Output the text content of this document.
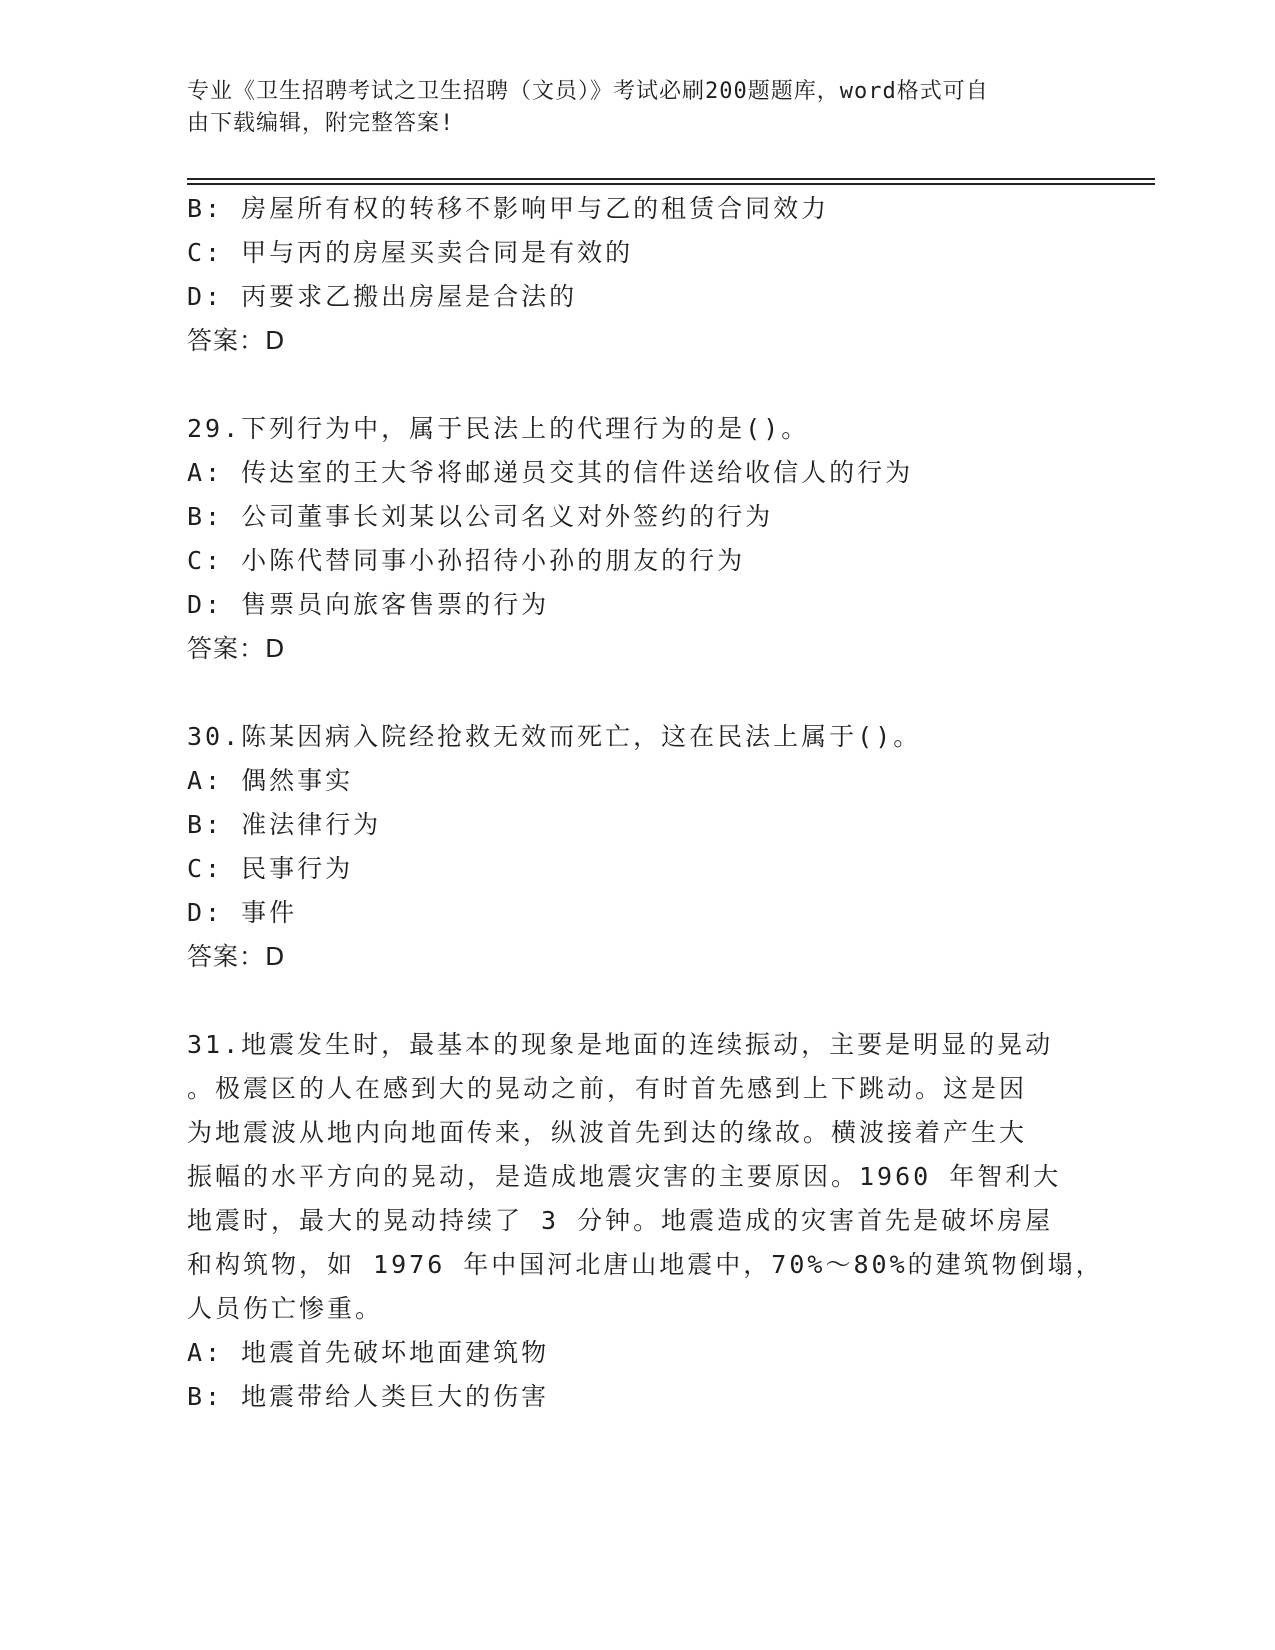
专业《卫生招聘考试之卫生招聘（文员）》考试必刷200题题库，word格式可自
由下载编辑，附完整答案!
B: 房屋所有权的转移不影响甲与乙的租赁合同效力
C: 甲与丙的房屋买卖合同是有效的
D: 丙要求乙搬出房屋是合法的
答案：D
29.下列行为中，属于民法上的代理行为的是()。
A: 传达室的王大爷将邮递员交其的信件送给收信人的行为
B: 公司董事长刘某以公司名义对外签约的行为
C: 小陈代替同事小孙招待小孙的朋友的行为
D: 售票员向旅客售票的行为
答案：D
30.陈某因病入院经抢救无效而死亡，这在民法上属于()。
A: 偶然事实
B: 准法律行为
C: 民事行为
D: 事件
答案：D
31.地震发生时，最基本的现象是地面的连续振动，主要是明显的晃动
。极震区的人在感到大的晃动之前，有时首先感到上下跳动。这是因
为地震波从地内向地面传来，纵波首先到达的缘故。横波接着产生大
振幅的水平方向的晃动，是造成地震灾害的主要原因。1960 年智利大
地震时，最大的晃动持续了 3 分钟。地震造成的灾害首先是破坏房屋
和构筑物，如 1976 年中国河北唐山地震中，70%～80%的建筑物倒塌，
人员伤亡惨重。
A: 地震首先破坏地面建筑物
B: 地震带给人类巨大的伤害
